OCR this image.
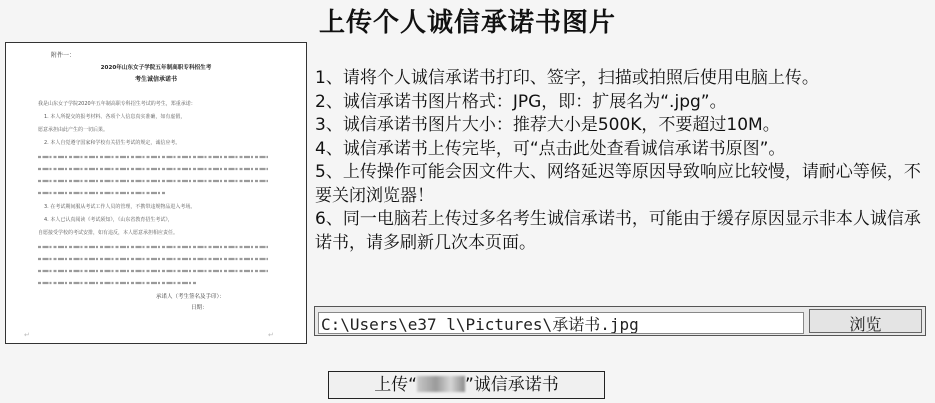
上传个人诚信承诺书图片
附件一：
2020年山东女子学院五年制高职专科招生考
考生诚信承诺书
我是山东女子学院2020年五年制高职专科招生考试的考生，郑重承诺：
1. 本人所提交的报考材料、各项个人信息真实准确，如有虚假，
愿意承担由此产生的一切后果。
2. 本人自觉遵守国家和学校有关招生考试的规定，诚信应考。
3. 在考试期间服从考试工作人员的管理，不携带违规物品进入考场。
4. 本人已认真阅读《考试须知》，《山东省教育招生考试》，
自愿接受学校的考试安排，如有违反，本人愿意承担相应责任。
承诺人（考生签名及手印）：
日期：
↵	↵

1、请将个人诚信承诺书打印、签字，扫描或拍照后使用电脑上传。

2、诚信承诺书图片格式：JPG，即：扩展名为“.jpg”。

3、诚信承诺书图片大小：推荐大小是500K，不要超过10M。

4、诚信承诺书上传完毕，可“点击此处查看诚信承诺书原图”。

5、上传操作可能会因文件大、网络延迟等原因导致响应比较慢，请耐心等候，不要关闭浏览器！

6、同一电脑若上传过多名考生诚信承诺书，可能由于缓存原因显示非本人诚信承诺书，请多刷新几次本页面。

C:\Users\e37_l\Pictures\承诺书.jpg	浏览
上传“	”诚信承诺书
